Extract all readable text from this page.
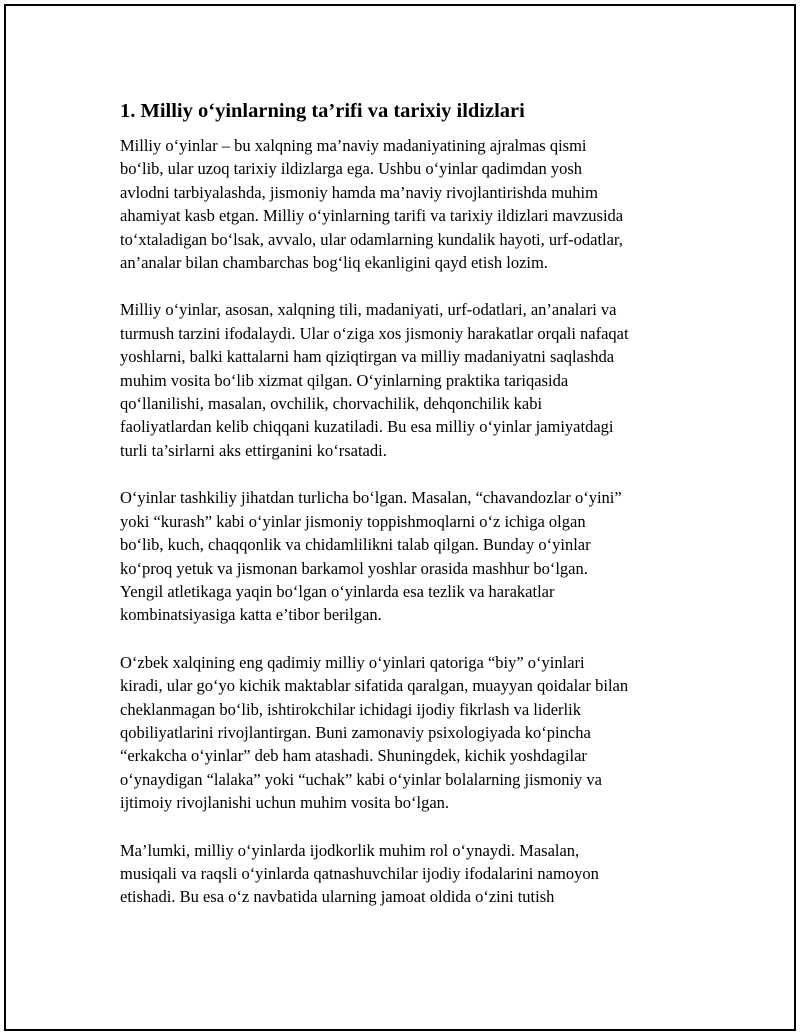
1. Milliy o‘yinlarning ta’rifi va tarixiy ildizlari

Milliy o‘yinlar – bu xalqning ma’naviy madaniyatining ajralmas qismi
bo‘lib, ular uzoq tarixiy ildizlarga ega. Ushbu o‘yinlar qadimdan yosh
avlodni tarbiyalashda, jismoniy hamda ma’naviy rivojlantirishda muhim
ahamiyat kasb etgan. Milliy o‘yinlarning tarifi va tarixiy ildizlari mavzusida
to‘xtaladigan bo‘lsak, avvalo, ular odamlarning kundalik hayoti, urf-odatlar,
an’analar bilan chambarchas bog‘liq ekanligini qayd etish lozim.

Milliy o‘yinlar, asosan, xalqning tili, madaniyati, urf-odatlari, an’analari va
turmush tarzini ifodalaydi. Ular o‘ziga xos jismoniy harakatlar orqali nafaqat
yoshlarni, balki kattalarni ham qiziqtirgan va milliy madaniyatni saqlashda
muhim vosita bo‘lib xizmat qilgan. O‘yinlarning praktika tariqasida
qo‘llanilishi, masalan, ovchilik, chorvachilik, dehqonchilik kabi
faoliyatlardan kelib chiqqani kuzatiladi. Bu esa milliy o‘yinlar jamiyatdagi
turli ta’sirlarni aks ettirganini ko‘rsatadi.

O‘yinlar tashkiliy jihatdan turlicha bo‘lgan. Masalan, “chavandozlar o‘yini”
yoki “kurash” kabi o‘yinlar jismoniy toppishmoqlarni o‘z ichiga olgan
bo‘lib, kuch, chaqqonlik va chidamlilikni talab qilgan. Bunday o‘yinlar
ko‘proq yetuk va jismonan barkamol yoshlar orasida mashhur bo‘lgan.
Yengil atletikaga yaqin bo‘lgan o‘yinlarda esa tezlik va harakatlar
kombinatsiyasiga katta e’tibor berilgan.

O‘zbek xalqining eng qadimiy milliy o‘yinlari qatoriga “biy” o‘yinlari
kiradi, ular go‘yo kichik maktablar sifatida qaralgan, muayyan qoidalar bilan
cheklanmagan bo‘lib, ishtirokchilar ichidagi ijodiy fikrlash va liderlik
qobiliyatlarini rivojlantirgan. Buni zamonaviy psixologiyada ko‘pincha
“erkakcha o‘yinlar” deb ham atashadi. Shuningdek, kichik yoshdagilar
o‘ynaydigan “lalaka” yoki “uchak” kabi o‘yinlar bolalarning jismoniy va
ijtimoiy rivojlanishi uchun muhim vosita bo‘lgan.

Ma’lumki, milliy o‘yinlarda ijodkorlik muhim rol o‘ynaydi. Masalan,
musiqali va raqsli o‘yinlarda qatnashuvchilar ijodiy ifodalarini namoyon
etishadi. Bu esa o‘z navbatida ularning jamoat oldida o‘zini tutish
